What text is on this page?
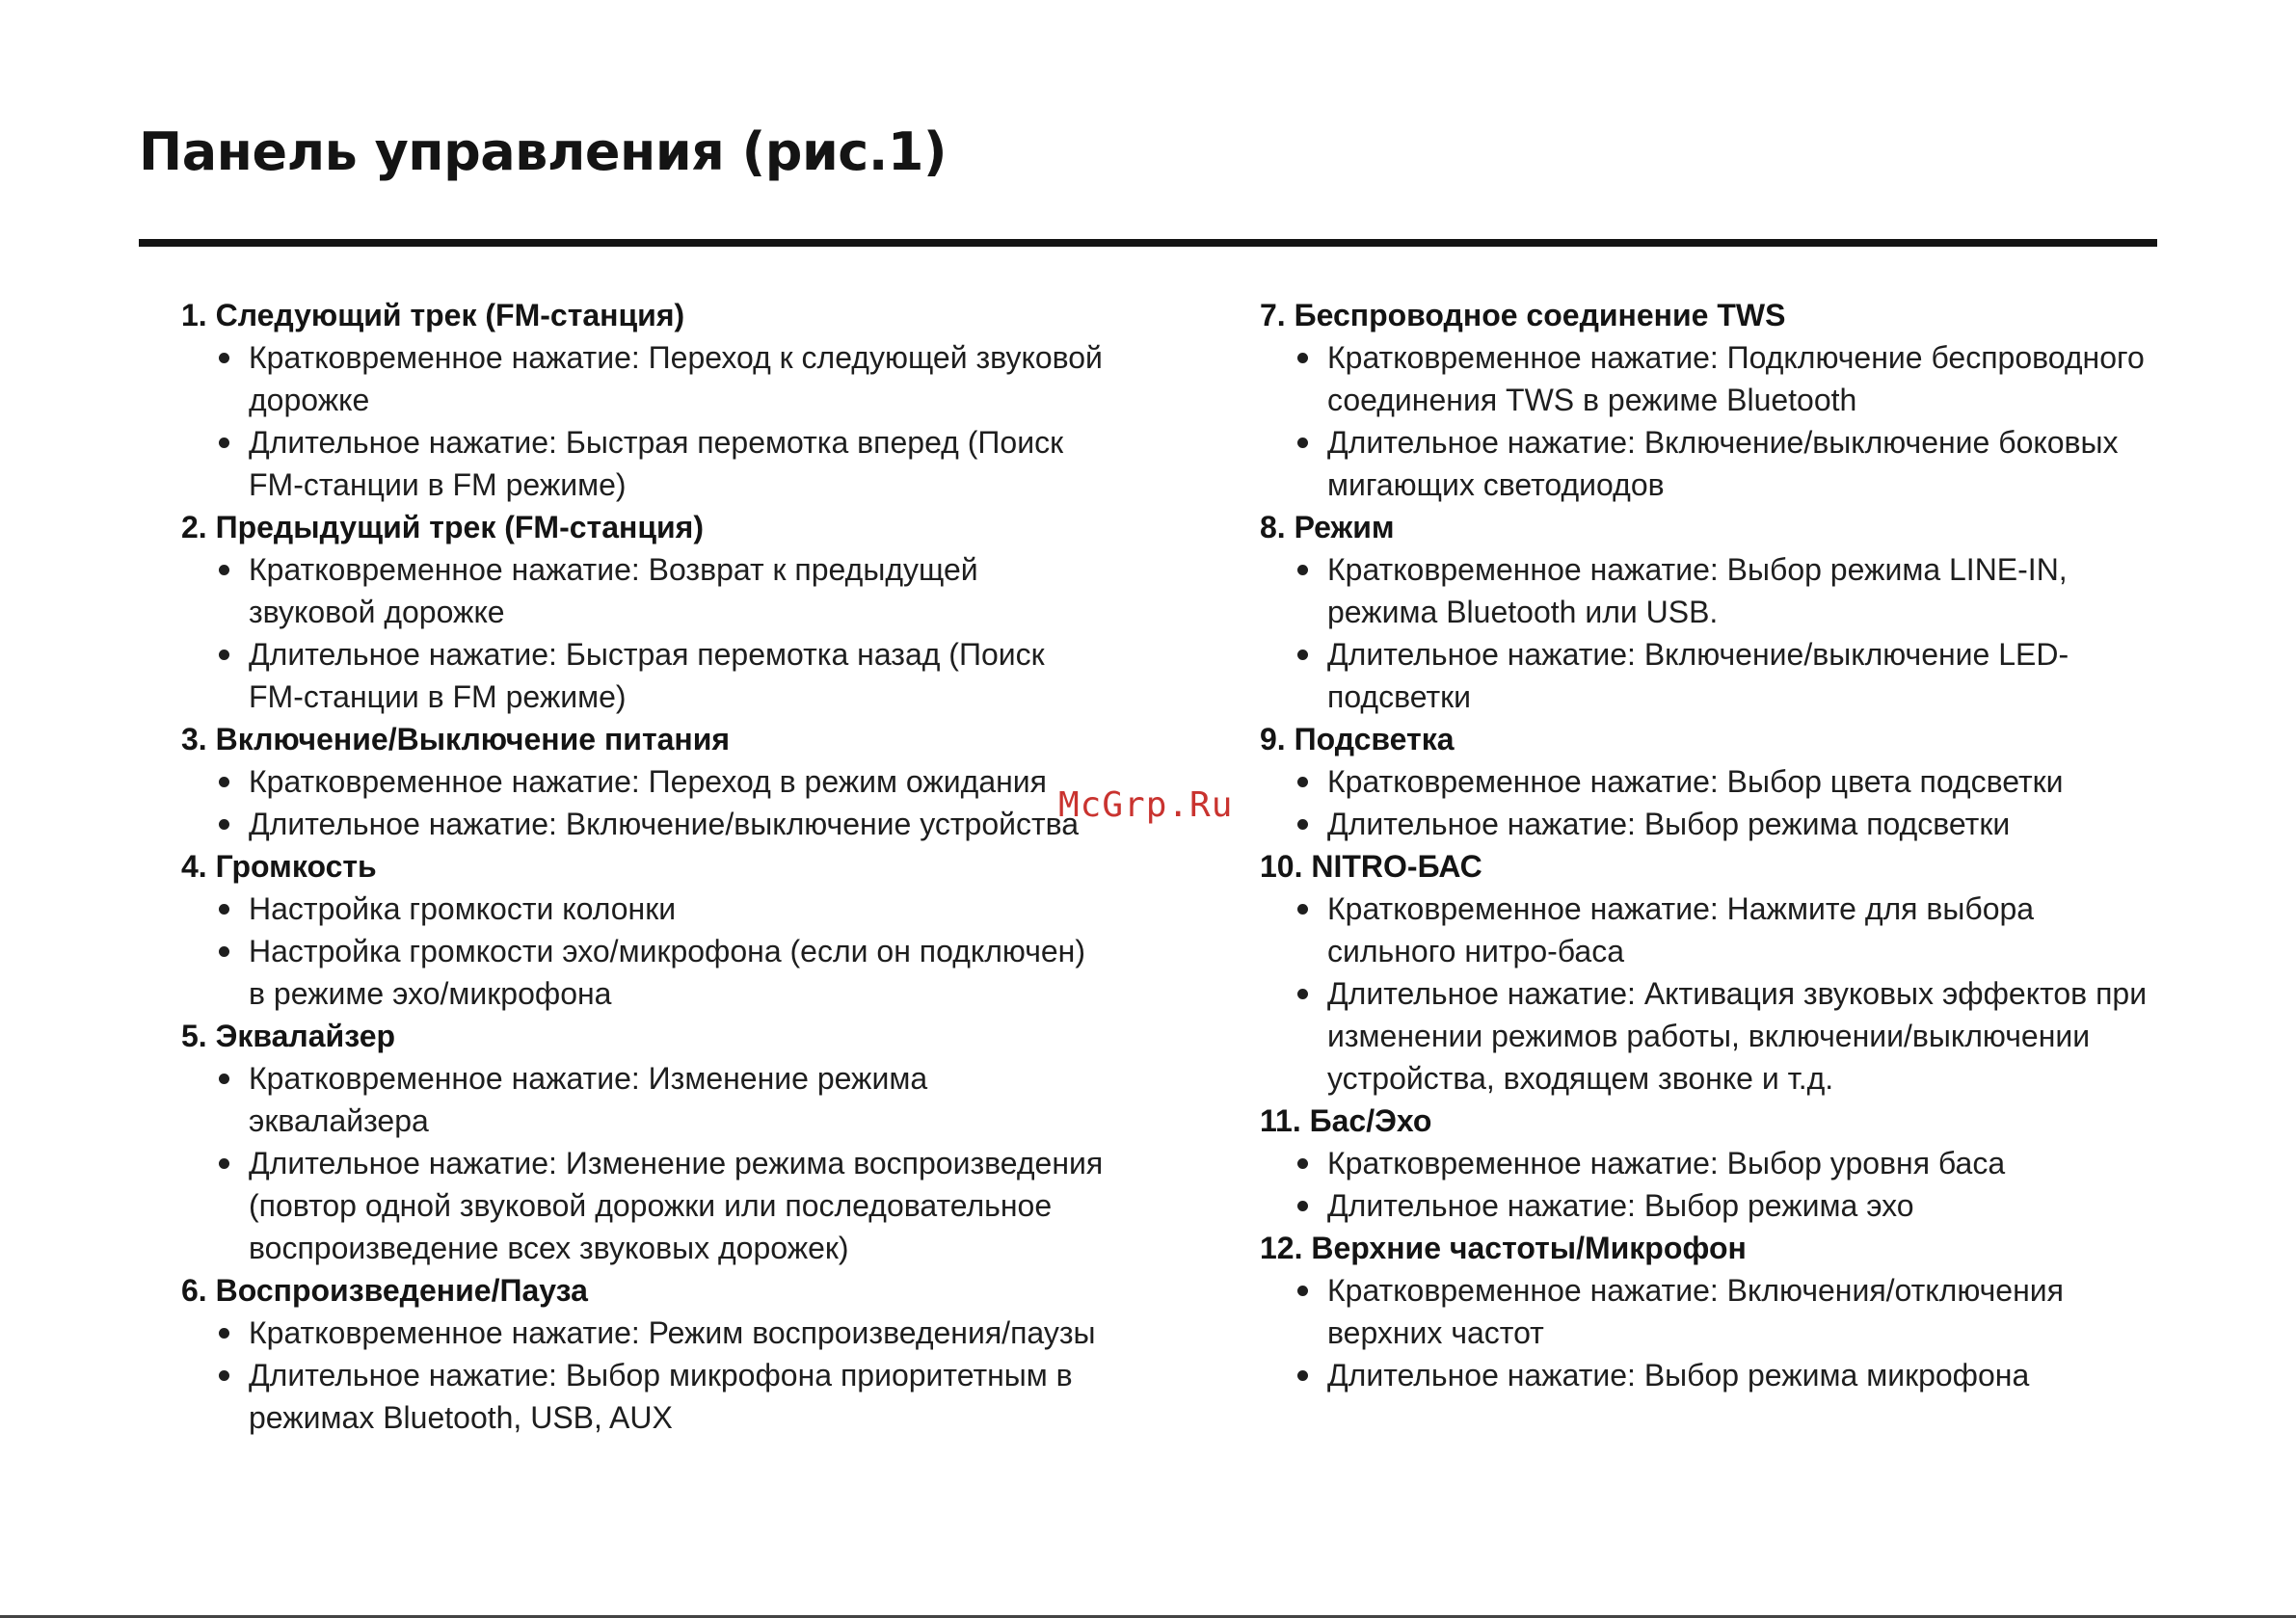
Панель управления (рис.1)
1. Следующий трек (FM-станция)
Кратковременное нажатие: Переход к следующей звуковой дорожке
Длительное нажатие: Быстрая перемотка вперед (Поиск FM-станции в FM режиме)
2. Предыдущий трек (FM-станция)
Кратковременное нажатие: Возврат к предыдущей звуковой дорожке
Длительное нажатие: Быстрая перемотка назад (Поиск FM-станции в FM режиме)
3. Включение/Выключение питания
Кратковременное нажатие: Переход в режим ожидания
Длительное нажатие: Включение/выключение устройства
4. Громкость
Настройка громкости колонки
Настройка громкости эхо/микрофона (если он подключен) в режиме эхо/микрофона
5. Эквалайзер
Кратковременное нажатие: Изменение режима эквалайзера
Длительное нажатие: Изменение режима воспроизведения (повтор одной звуковой дорожки или последовательное воспроизведение всех звуковых дорожек)
6. Воспроизведение/Пауза
Кратковременное нажатие: Режим воспроизведения/паузы
Длительное нажатие: Выбор микрофона приоритетным в режимах Bluetooth, USB, AUX
7. Беспроводное соединение TWS
Кратковременное нажатие: Подключение беспроводного соединения TWS в режиме Bluetooth
Длительное нажатие: Включение/выключение боковых мигающих светодиодов
8. Режим
Кратковременное нажатие: Выбор режима LINE-IN, режима Bluetooth или USB.
Длительное нажатие: Включение/выключение LED-подсветки
9. Подсветка
Кратковременное нажатие: Выбор цвета подсветки
Длительное нажатие: Выбор режима подсветки
10. NITRO-БАС
Кратковременное нажатие: Нажмите для выбора сильного нитро-баса
Длительное нажатие: Активация звуковых эффектов при изменении режимов работы, включении/выключении устройства, входящем звонке и т.д.
11. Бас/Эхо
Кратковременное нажатие: Выбор уровня баса
Длительное нажатие: Выбор режима эхо
12. Верхние частоты/Микрофон
Кратковременное нажатие: Включения/отключения верхних частот
Длительное нажатие: Выбор режима микрофона
McGrp.Ru
